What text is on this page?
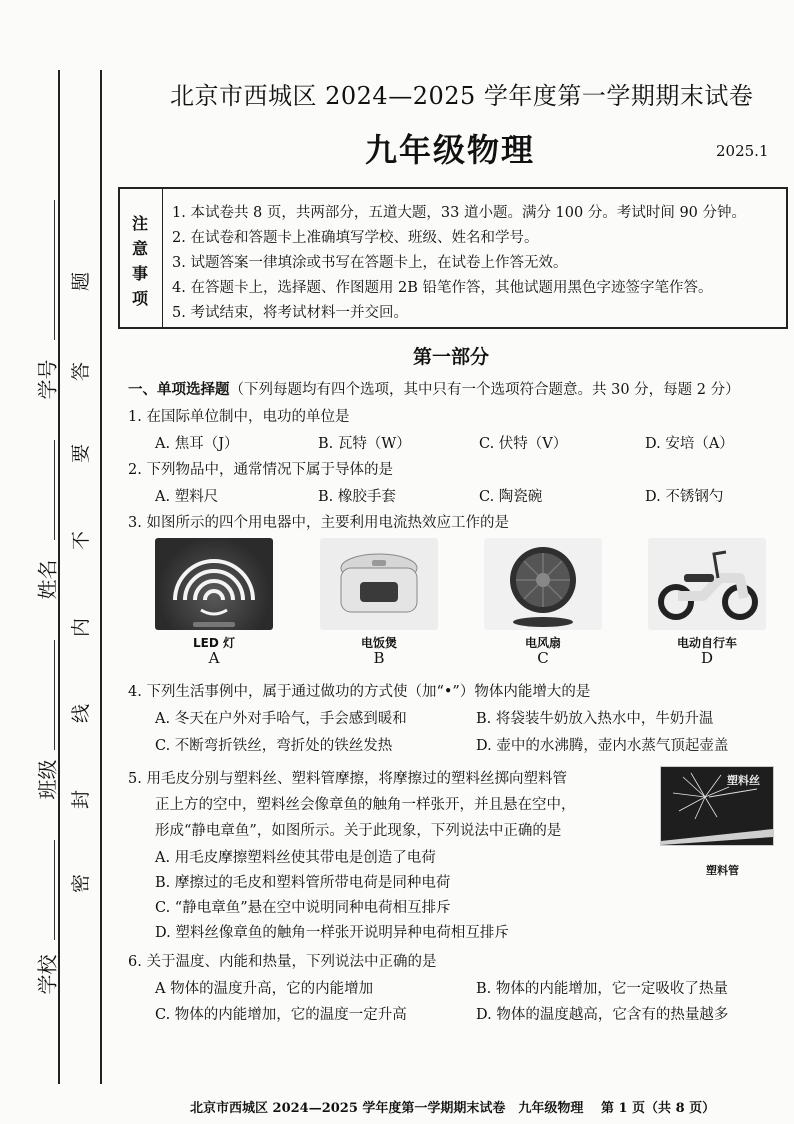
学号
姓名
班级
学校
题
答
要
不
内
线
封
密
北京市西城区 2024—2025 学年度第一学期期末试卷
九年级物理	2025.1
注
意
事
项
1. 本试卷共 8 页，共两部分，五道大题，33 道小题。满分 100 分。考试时间 90 分钟。
2. 在试卷和答题卡上准确填写学校、班级、姓名和学号。
3. 试题答案一律填涂或书写在答题卡上，在试卷上作答无效。
4. 在答题卡上，选择题、作图题用 2B 铅笔作答，其他试题用黑色字迹签字笔作答。
5. 考试结束，将考试材料一并交回。
第一部分
一、单项选择题（下列每题均有四个选项，其中只有一个选项符合题意。共 30 分，每题 2 分）
1. 在国际单位制中，电功的单位是
A. 焦耳（J）	B. 瓦特（W）	C. 伏特（V）	D. 安培（A）
2. 下列物品中，通常情况下属于导体的是
A. 塑料尺	B. 橡胶手套	C. 陶瓷碗	D. 不锈钢勺
3. 如图所示的四个用电器中，主要利用电流热效应工作的是
LED 灯
A
电饭煲
B
电风扇
C
电动自行车
D
4. 下列生活事例中，属于通过做功的方式使（加“•”）物体内能增大的是
A. 冬天在户外对手哈气，手会感到暖和	B. 将袋装牛奶放入热水中，牛奶升温
C. 不断弯折铁丝，弯折处的铁丝发热	D. 壶中的水沸腾，壶内水蒸气顶起壶盖
5. 用毛皮分别与塑料丝、塑料管摩擦，将摩擦过的塑料丝掷向塑料管
正上方的空中，塑料丝会像章鱼的触角一样张开，并且悬在空中，
形成“静电章鱼”，如图所示。关于此现象，下列说法中正确的是
塑料丝
塑料管
A. 用毛皮摩擦塑料丝使其带电是创造了电荷
B. 摩擦过的毛皮和塑料管所带电荷是同种电荷
C. “静电章鱼”悬在空中说明同种电荷相互排斥
D. 塑料丝像章鱼的触角一样张开说明异种电荷相互排斥
6. 关于温度、内能和热量，下列说法中正确的是
A 物体的温度升高，它的内能增加	B. 物体的内能增加，它一定吸收了热量
C. 物体的内能增加，它的温度一定升高	D. 物体的温度越高，它含有的热量越多
北京市西城区 2024—2025 学年度第一学期期末试卷　九年级物理　 第 1 页（共 8 页）
